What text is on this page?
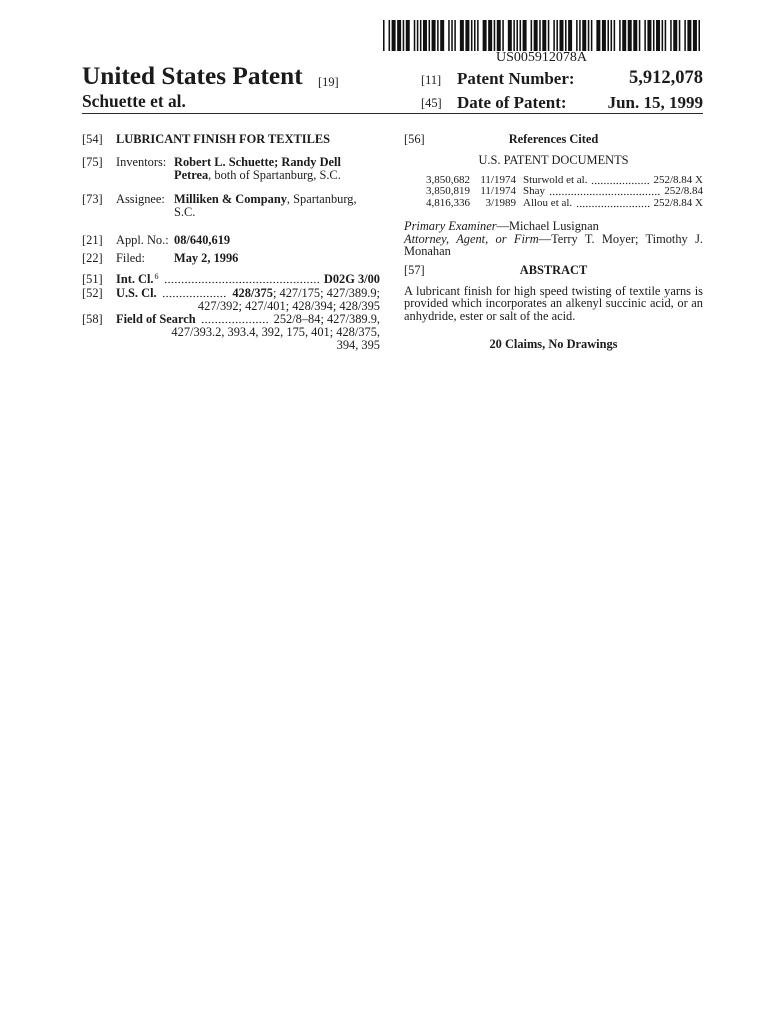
US005912078A
United States Patent [19]
Schuette et al.
[11] Patent Number:	5,912,078
[45] Date of Patent: Jun. 15, 1999
[54] LUBRICANT FINISH FOR TEXTILES
[75] Inventors: Robert L. Schuette; Randy Dell
Petrea, both of Spartanburg, S.C.
[73] Assignee: Milliken & Company, Spartanburg,
S.C.
[21] Appl. No.: 08/640,619
[22] Filed: May 2, 1996
[51] Int. Cl.$^6$	D02G 3/00
[52] U.S. Cl.	428/375; 427/175; 427/389.9;
427/392; 427/401; 428/394; 428/395
[58] Field of Search	252/8–84; 427/389.9,
427/393.2, 393.4, 392, 175, 401; 428/375,
394, 395
[56]	References Cited
U.S. PATENT DOCUMENTS
3,850,682 11/1974 Sturwold et al.	252/8.84 X
3,850,819 11/1974 Shay	252/8.84
4,816,336 3/1989 Allou et al.	252/8.84 X
Primary Examiner—Michael Lusignan
Attorney, Agent, or Firm—Terry T. Moyer; Timothy J. Monahan
[57]	ABSTRACT
A lubricant finish for high speed twisting of textile yarns is provided which incorporates an alkenyl succinic acid, or an anhydride, ester or salt of the acid.
20 Claims, No Drawings
